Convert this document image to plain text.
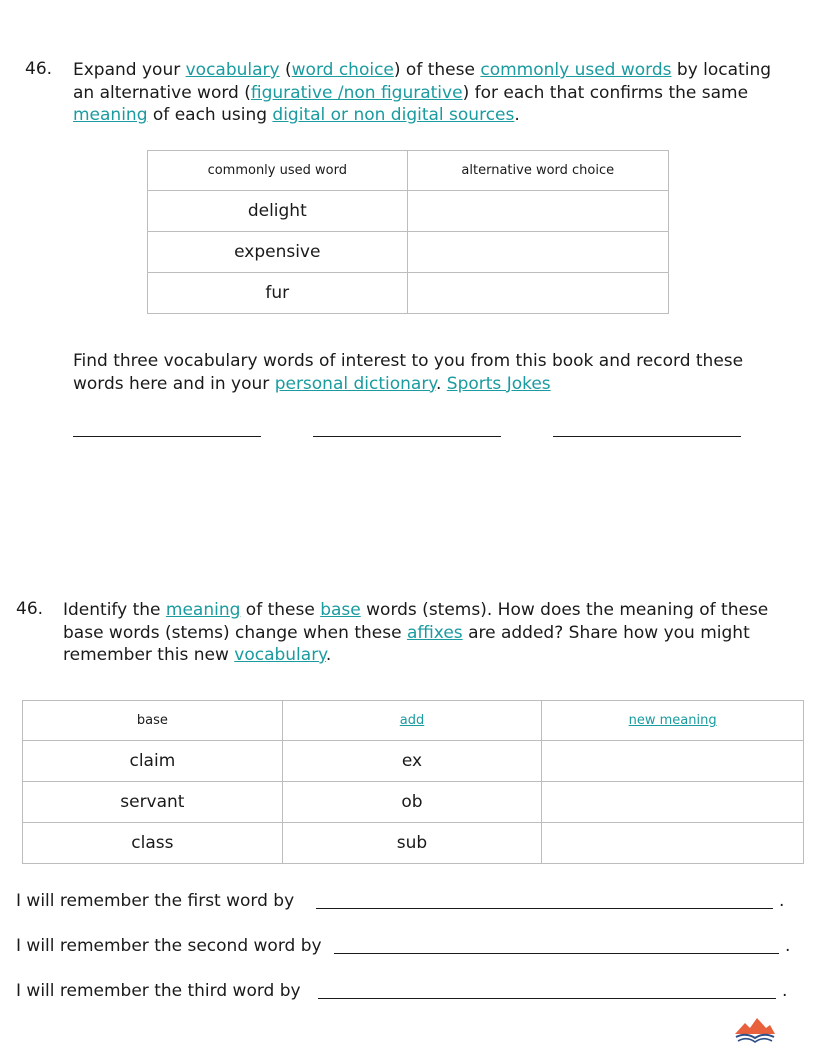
46. Expand your vocabulary (word choice) of these commonly used words by locating
an alternative word (figurative /non figurative) for each that confirms the same
meaning of each using digital or non digital sources.
commonly used word	alternative word choice
delight	
expensive	
fur	
Find three vocabulary words of interest to you from this book and record these
words here and in your personal dictionary. Sports Jokes
46. Identify the meaning of these base words (stems). How does the meaning of these
base words (stems) change when these affixes are added? Share how you might
remember this new vocabulary.
base	add	new meaning
claim	ex	
servant	ob	
class	sub	
I will remember the first word by	.
I will remember the second word by	.
I will remember the third word by	.
